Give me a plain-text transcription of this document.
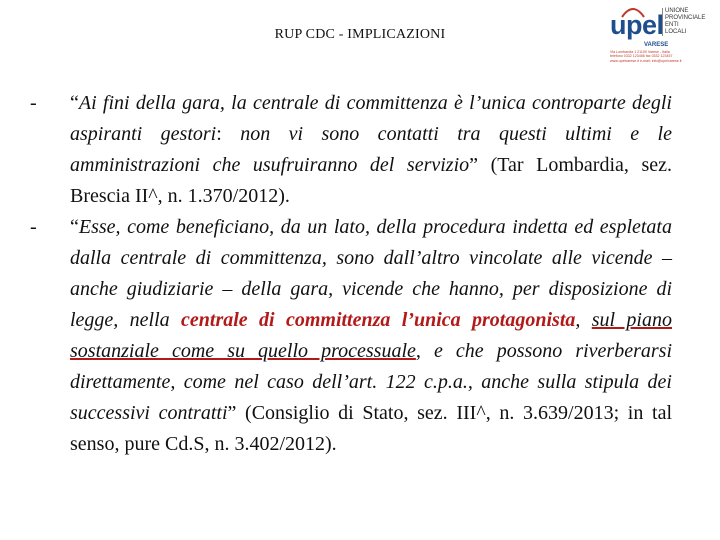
RUP CDC - IMPLICAZIONI	upel UNIONE
PROVINCIALE
ENTI
LOCALI
VARESE
Via Lombardia 1 21100 Varese - Italia
telefono 0332 123456 fax 0332 123457
www.upelvarese.it e-mail: info@upelvarese.it
- “Ai fini della gara, la centrale di committenza è l’unica controparte degli aspiranti gestori: non vi sono contatti tra questi ultimi e le amministrazioni che usufruiranno del servizio” (Tar Lombardia, sez. Brescia II^, n. 1.370/2012).
- “Esse, come beneficiano, da un lato, della procedura indetta ed espletata dalla centrale di committenza, sono dall’altro vincolate alle vicende – anche giudiziarie – della gara, vicende che hanno, per disposizione di legge, nella centrale di committenza l’unica protagonista, sul piano sostanziale come su quello processuale, e che possono riverberarsi direttamente, come nel caso dell’art. 122 c.p.a., anche sulla stipula dei successivi contratti” (Consiglio di Stato, sez. III^, n. 3.639/2013; in tal senso, pure Cd.S, n. 3.402/2012).
